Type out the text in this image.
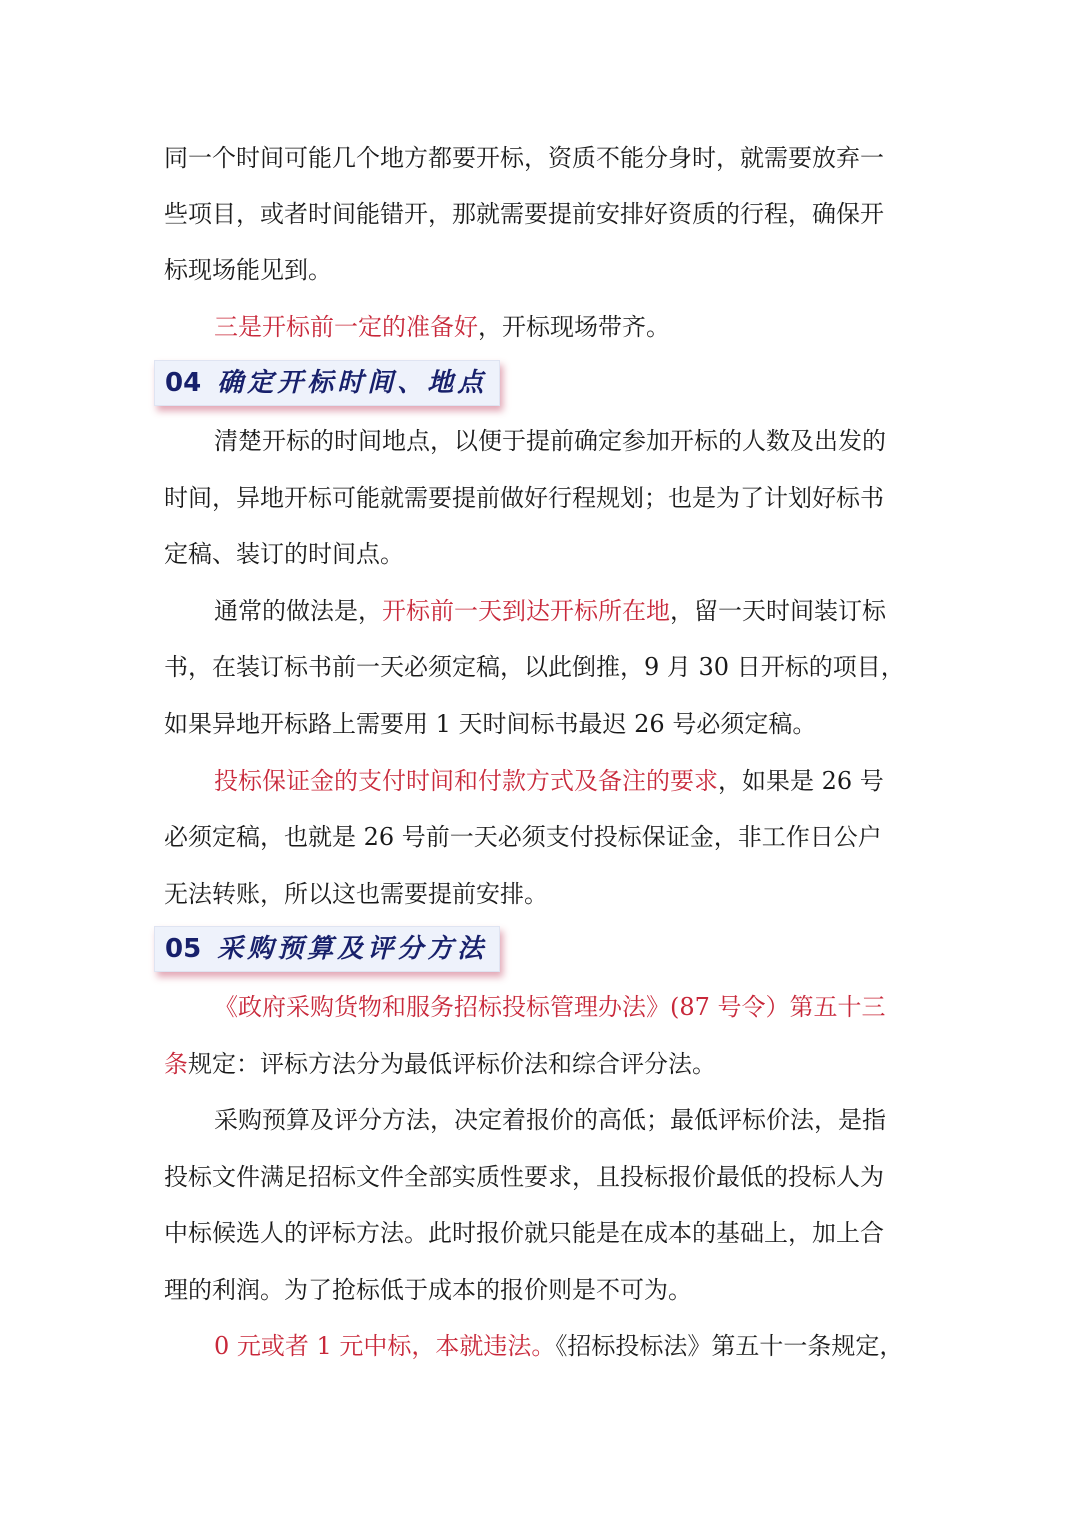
同一个时间可能几个地方都要开标，资质不能分身时，就需要放弃一
些项目，或者时间能错开，那就需要提前安排好资质的行程，确保开
标现场能见到。
三是开标前一定的准备好，开标现场带齐。
04 确定开标时间、地点
清楚开标的时间地点，以便于提前确定参加开标的人数及出发的
时间，异地开标可能就需要提前做好行程规划；也是为了计划好标书
定稿、装订的时间点。
通常的做法是，开标前一天到达开标所在地，留一天时间装订标
书，在装订标书前一天必须定稿，以此倒推，9 月 30 日开标的项目，
如果异地开标路上需要用 1 天时间标书最迟 26 号必须定稿。
投标保证金的支付时间和付款方式及备注的要求，如果是 26 号
必须定稿，也就是 26 号前一天必须支付投标保证金，非工作日公户
无法转账，所以这也需要提前安排。
05 采购预算及评分方法
《政府采购货物和服务招标投标管理办法》(87 号令）第五十三
条规定：评标方法分为最低评标价法和综合评分法。
采购预算及评分方法，决定着报价的高低；最低评标价法，是指
投标文件满足招标文件全部实质性要求，且投标报价最低的投标人为
中标候选人的评标方法。此时报价就只能是在成本的基础上，加上合
理的利润。为了抢标低于成本的报价则是不可为。
0 元或者 1 元中标，本就违法。《招标投标法》第五十一条规定，
